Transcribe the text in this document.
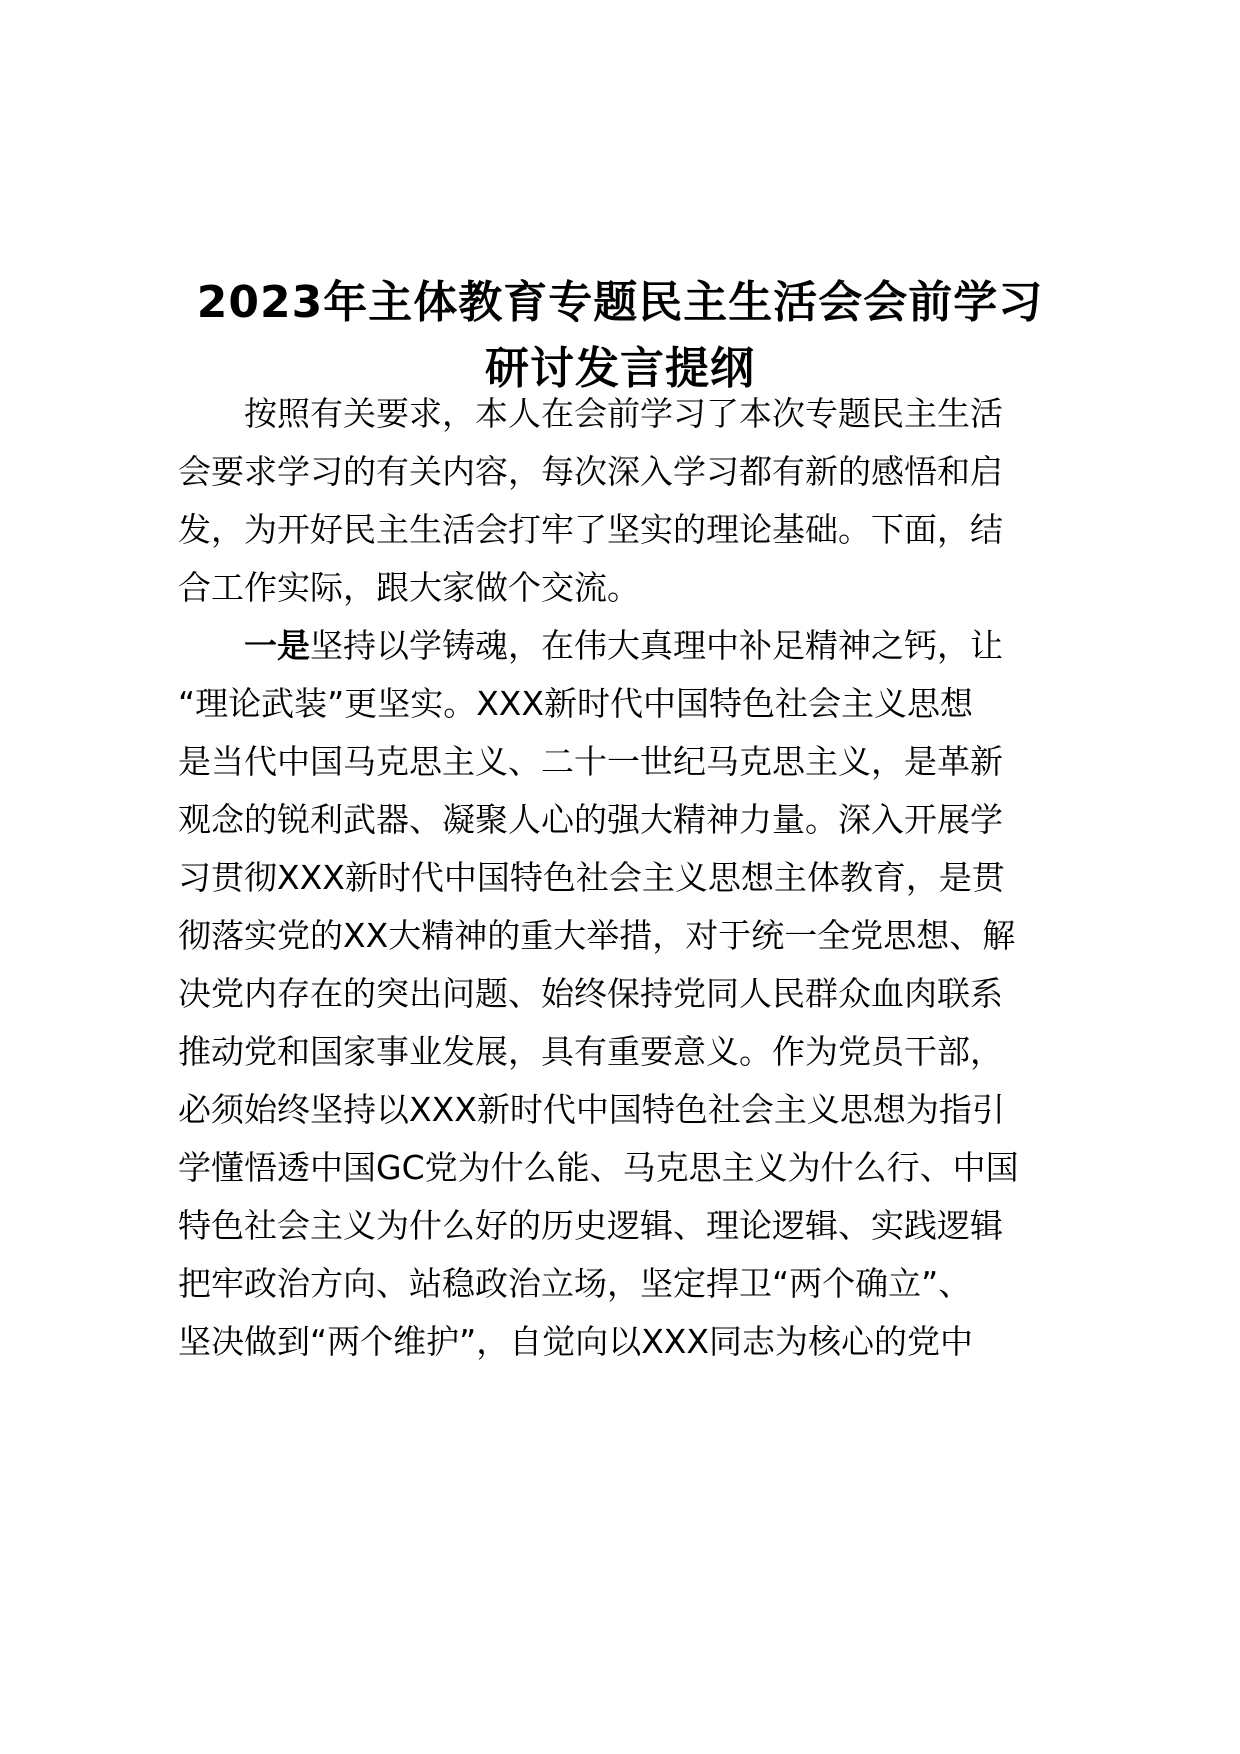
2023年主体教育专题民主生活会会前学习
研讨发言提纲

按照有关要求，本人在会前学习了本次专题民主生活

会要求学习的有关内容，每次深入学习都有新的感悟和启

发，为开好民主生活会打牢了坚实的理论基础。下面，结

合工作实际，跟大家做个交流。

一是坚持以学铸魂，在伟大真理中补足精神之钙，让

“理论武装”更坚实。XXX新时代中国特色社会主义思想

是当代中国马克思主义、二十一世纪马克思主义，是革新

观念的锐利武器、凝聚人心的强大精神力量。深入开展学

习贯彻XXX新时代中国特色社会主义思想主体教育，是贯

彻落实党的XX大精神的重大举措，对于统一全党思想、解

决党内存在的突出问题、始终保持党同人民群众血肉联系

推动党和国家事业发展，具有重要意义。作为党员干部，

必须始终坚持以XXX新时代中国特色社会主义思想为指引

学懂悟透中国GC党为什么能、马克思主义为什么行、中国

特色社会主义为什么好的历史逻辑、理论逻辑、实践逻辑

把牢政治方向、站稳政治立场，坚定捍卫“两个确立”、

坚决做到“两个维护”，自觉向以XXX同志为核心的党中
